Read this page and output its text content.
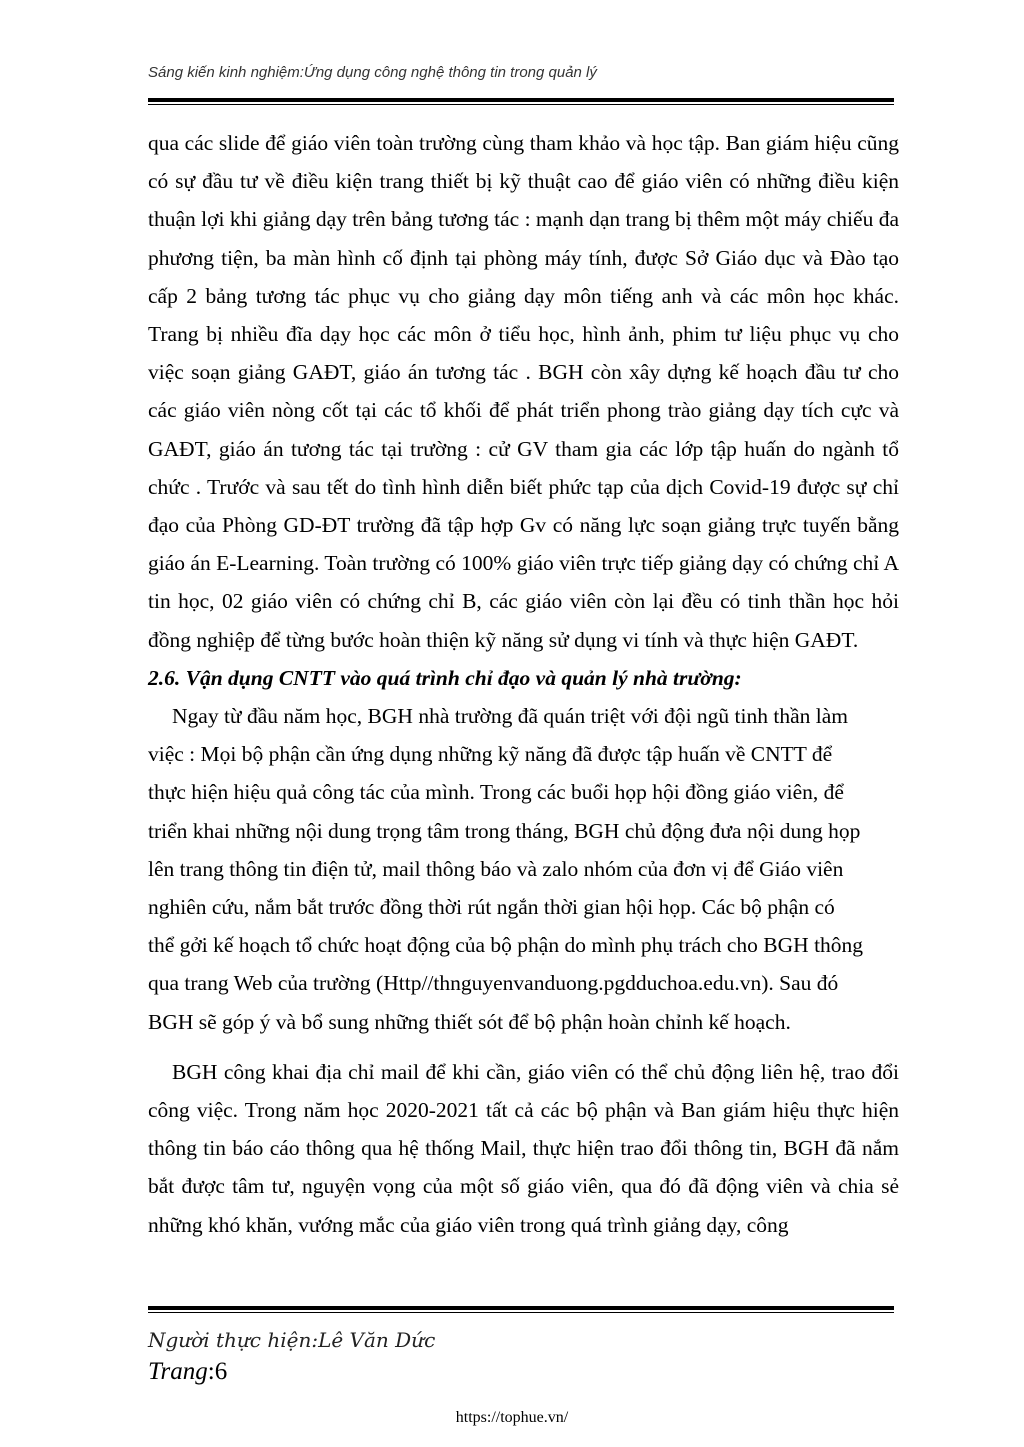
Sáng kiến kinh nghiệm:Ứng dụng công nghệ thông tin trong quản lý

qua các slide để giáo viên toàn trường cùng tham khảo và học tập. Ban giám hiệu cũng có sự đầu tư về điều kiện trang thiết bị kỹ thuật cao để giáo viên có những điều kiện thuận lợi khi giảng dạy trên bảng tương tác : mạnh dạn trang bị thêm một máy chiếu đa phương tiện, ba màn hình cố định tại phòng máy tính, được Sở Giáo dục và Đào tạo cấp 2 bảng tương tác phục vụ cho giảng dạy môn tiếng anh và các môn học khác. Trang bị nhiều đĩa dạy học các môn ở tiểu học, hình ảnh, phim tư liệu phục vụ cho việc soạn giảng GAĐT, giáo án tương tác . BGH còn xây dựng kế hoạch đầu tư cho các giáo viên nòng cốt tại các tổ khối để phát triển phong trào giảng dạy tích cực và GAĐT, giáo án tương tác tại trường : cử GV tham gia các lớp tập huấn do ngành tổ chức . Trước và sau tết do tình hình diễn biết phức tạp của dịch Covid-19 được sự chỉ đạo của Phòng GD-ĐT trường đã tập hợp Gv có năng lực soạn giảng trực tuyến bằng giáo án E-Learning. Toàn trường có 100% giáo viên trực tiếp giảng dạy có chứng chỉ A tin học, 02 giáo viên có chứng chỉ B, các giáo viên còn lại đều có tinh thần học hỏi đồng nghiệp để từng bước hoàn thiện kỹ năng sử dụng vi tính và thực hiện GAĐT.

2.6. Vận dụng CNTT vào quá trình chỉ đạo và quản lý nhà trường:

Ngay từ đầu năm học, BGH nhà trường đã quán triệt với đội ngũ tinh thần làm việc : Mọi bộ phận cần ứng dụng những kỹ năng đã được tập huấn về CNTT để thực hiện hiệu quả công tác của mình. Trong các buổi họp hội đồng giáo viên, để triển khai những nội dung trọng tâm trong tháng, BGH chủ động đưa nội dung họp lên trang thông tin điện tử, mail thông báo và zalo nhóm của đơn vị để Giáo viên nghiên cứu, nắm bắt trước đồng thời rút ngắn thời gian hội họp. Các bộ phận có thể gởi kế hoạch tổ chức hoạt động của bộ phận do mình phụ trách cho BGH thông qua trang Web của trường (Http//thnguyenvanduong.pgdduchoa.edu.vn). Sau đó BGH sẽ góp ý và bổ sung những thiết sót để bộ phận hoàn chỉnh kế hoạch.

BGH công khai địa chỉ mail để khi cần, giáo viên có thể chủ động liên hệ, trao đổi công việc. Trong năm học 2020-2021 tất cả các bộ phận và Ban giám hiệu thực hiện thông tin báo cáo thông qua hệ thống Mail, thực hiện trao đổi thông tin, BGH đã nắm bắt được tâm tư, nguyện vọng của một số giáo viên, qua đó đã động viên và chia sẻ những khó khăn, vướng mắc của giáo viên trong quá trình giảng dạy, công

Người thực hiện:Lê Văn Dức
Trang:6
https://tophue.vn/
